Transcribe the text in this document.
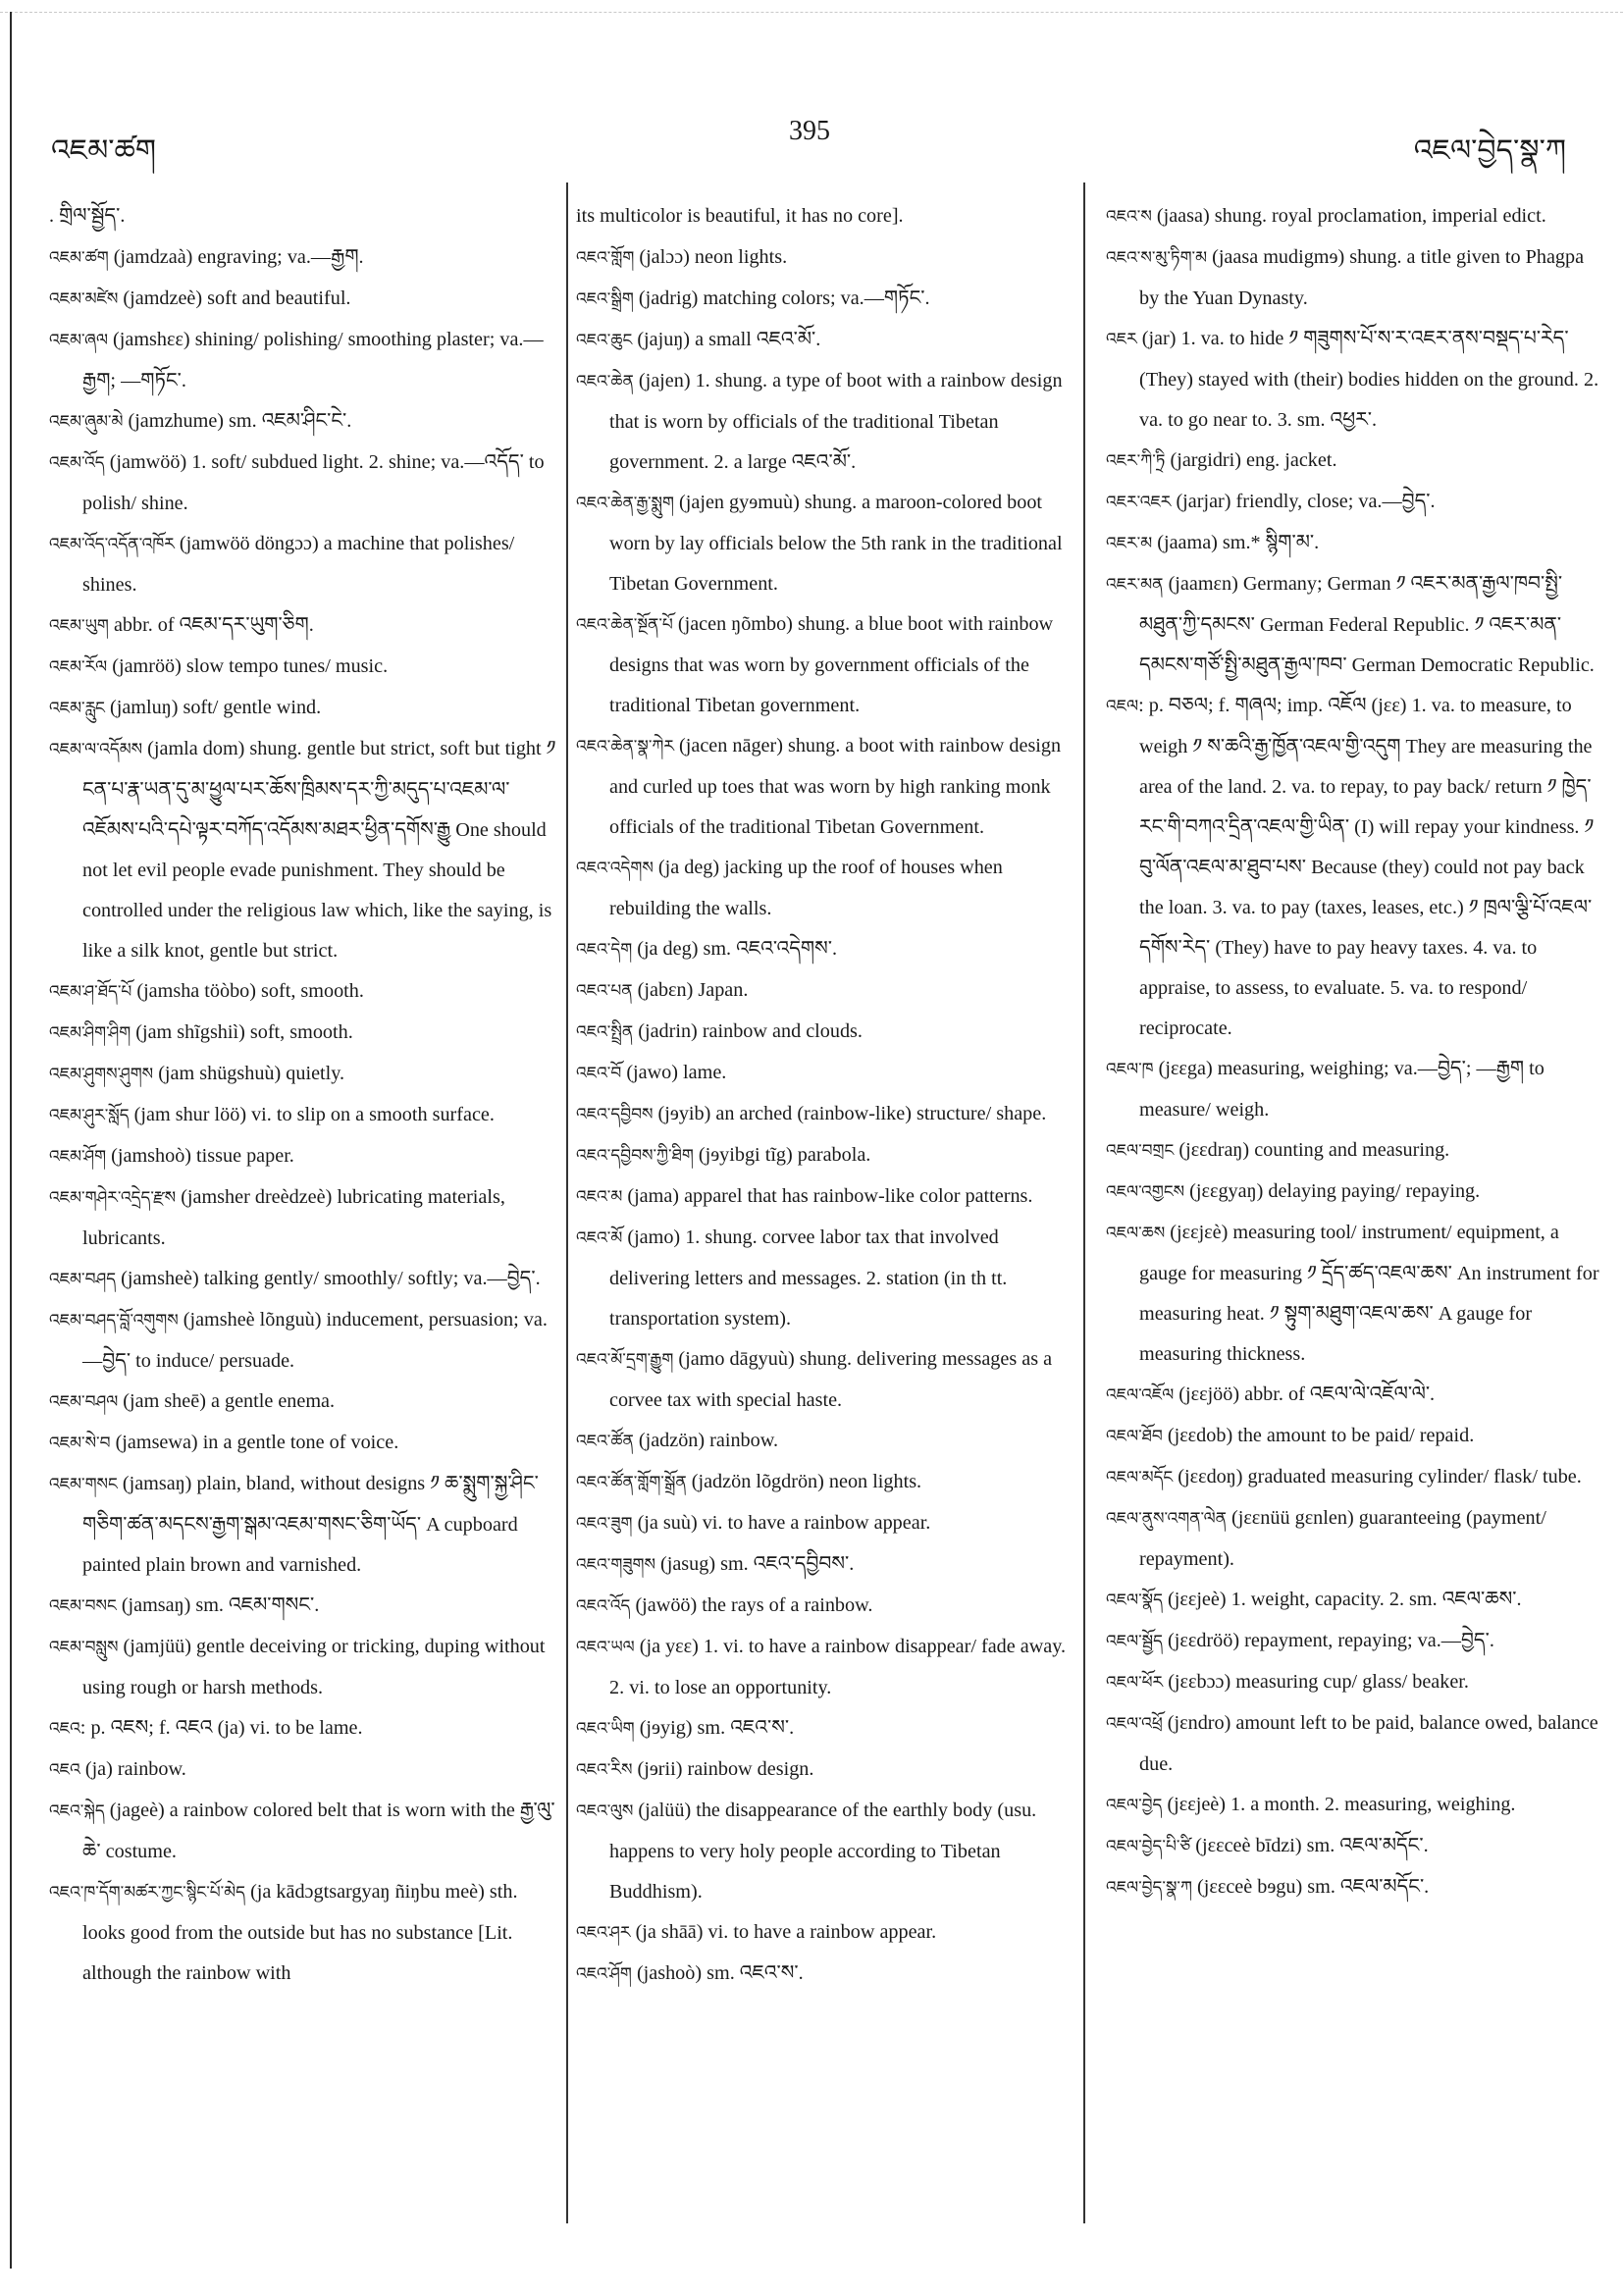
འཇམ་ཚག
395
འཇལ་བྱེད་སྣ་ཀ

. གྲིལ་སྦྱོད་.

འཇམ་ཚག (jamdzaà) engraving; va.—རྒྱག.

འཇམ་མཛེས (jamdzeè) soft and beautiful.

འཇམ་ཞལ (jamshɛɛ) shining/ polishing/ smoothing plaster; va.—རྒྱག; —གཏོང་.

འཇམ་ཞུམ་མེ (jamzhume) sm. འཇམ་ཤིང་ངེ་.

འཇམ་འོད (jamwöö) 1. soft/ subdued light. 2. shine; va.—འདོད་ to polish/ shine.

འཇམ་འོད་འདོན་འཁོར (jamwöö döngɔɔ) a machine that polishes/ shines.

འཇམ་ཡུག abbr. of འཇམ་དར་ཡུག་ཅིག.

འཇམ་རོལ (jamröö) slow tempo tunes/ music.

འཇམ་རླུང (jamluŋ) soft/ gentle wind.

འཇམ་ལ་འདོམས (jamla dom) shung. gentle but strict, soft but tight ༡ ངན་པ་རྣ་ཡན་དུ་མ་ཕྱུལ་པར་ཆོས་ཁྲིམས་དར་ཀྱི་མདུད་པ་འཇམ་ལ་འཇོམས་པའི་དཔེ་ལྟར་བཀོད་འདོམས་མཐར་ཕྱིན་དགོས་རྒྱུ One should not let evil people evade punishment. They should be controlled under the religious law which, like the saying, is like a silk knot, gentle but strict.

འཇམ་ཤ་ཐོད་པོ (jamsha töòbo) soft, smooth.

འཇམ་ཤིག་ཤིག (jam shĩgshiì) soft, smooth.

འཇམ་ཤུགས་ཤུགས (jam shügshuù) quietly.

འཇམ་ཤུར་སློད (jam shur löö) vi. to slip on a smooth surface.

འཇམ་ཤོག (jamshoò) tissue paper.

འཇམ་གཤེར་འདྲེད་རྫས (jamsher dreèdzeè) lubricating materials, lubricants.

འཇམ་བཤད (jamsheè) talking gently/ smoothly/ softly; va.—བྱེད་.

འཇམ་བཤད་བློ་འགུགས (jamsheè lõnguù) inducement, persuasion; va.—བྱེད་ to induce/ persuade.

འཇམ་བཤལ (jam sheē) a gentle enema.

འཇམ་སེ་བ (jamsewa) in a gentle tone of voice.

འཇམ་གསང (jamsaŋ) plain, bland, without designs ༡ ཆ་སྨུག་སྐྱ་ཤིང་གཅིག་ཚན་མདངས་རྒྱག་སྒམ་འཇམ་གསང་ཅིག་ཡོད་ A cupboard painted plain brown and varnished.

འཇམ་བསང (jamsaŋ) sm. འཇམ་གསང་.

འཇམ་བསླུས (jamjüü) gentle deceiving or tricking, duping without using rough or harsh methods.

འཇའ: p. འཇས; f. འཇའ (ja) vi. to be lame.

འཇའ (ja) rainbow.

འཇའ་སྐེད (jageè) a rainbow colored belt that is worn with the རྒྱ་ལུ་ཆེ་ costume.

འཇའ་ཁ་དོག་མཚར་ཀྱང་སྙིང་པོ་མེད (ja kādɔgtsargyaŋ ñiŋbu meè) sth. looks good from the outside but has no substance [Lit. although the rainbow with

its multicolor is beautiful, it has no core].

འཇའ་གློག (jalɔɔ) neon lights.

འཇའ་སྒྲིག (jadrig) matching colors; va.—གཏོང་.

འཇའ་ཆུང (jajuŋ) a small འཇའ་མོ་.

འཇའ་ཆེན (jajen) 1. shung. a type of boot with a rainbow design that is worn by officials of the traditional Tibetan government. 2. a large འཇའ་མོ་.

འཇའ་ཆེན་རྒྱ་སྨུག (jajen gyɘmuù) shung. a maroon-colored boot worn by lay officials below the 5th rank in the traditional Tibetan Government.

འཇའ་ཆེན་སྔོན་པོ (jacen ŋõmbo) shung. a blue boot with rainbow designs that was worn by government officials of the traditional Tibetan government.

འཇའ་ཆེན་སྣ་ཀེར (jacen nāger) shung. a boot with rainbow design and curled up toes that was worn by high ranking monk officials of the traditional Tibetan Government.

འཇའ་འདེགས (ja deg) jacking up the roof of houses when rebuilding the walls.

འཇའ་དེག (ja deg) sm. འཇའ་འདེགས་.

འཇའ་པན (jabɛn) Japan.

འཇའ་སྤྲིན (jadrin) rainbow and clouds.

འཇའ་བོ (jawo) lame.

འཇའ་དབྱིབས (jɘyib) an arched (rainbow-like) structure/ shape.

འཇའ་དབྱིབས་ཀྱི་ཐིག (jɘyibgi tĩg) parabola.

འཇའ་མ (jama) apparel that has rainbow-like color patterns.

འཇའ་མོ (jamo) 1. shung. corvee labor tax that involved delivering letters and messages. 2. station (in th tt. transportation system).

འཇའ་མོ་དྲག་རྒྱུག (jamo dāgyuù) shung. delivering messages as a corvee tax with special haste.

འཇའ་ཚོན (jadzön) rainbow.

འཇའ་ཚོན་གློག་སྒྲོན (jadzön lõgdrön) neon lights.

འཇའ་ཟུག (ja suù) vi. to have a rainbow appear.

འཇའ་གཟུགས (jasug) sm. འཇའ་དབྱིབས་.

འཇའ་འོད (jawöö) the rays of a rainbow.

འཇའ་ཡལ (ja yɛɛ) 1. vi. to have a rainbow disappear/ fade away. 2. vi. to lose an opportunity.

འཇའ་ཡིག (jɘyig) sm. འཇའ་ས་.

འཇའ་རིས (jɘrii) rainbow design.

འཇའ་ལུས (jalüü) the disappearance of the earthly body (usu. happens to very holy people according to Tibetan Buddhism).

འཇའ་ཤར (ja shāā) vi. to have a rainbow appear.

འཇའ་ཤོག (jashoò) sm. འཇའ་ས་.

འཇའ་ས (jaasa) shung. royal proclamation, imperial edict.

འཇའ་ས་མུ་ཏིག་མ (jaasa mudigmɘ) shung. a title given to Phagpa by the Yuan Dynasty.

འཇར (jar) 1. va. to hide ༡ གཟུགས་པོ་ས་ར་འཇར་ནས་བསྡད་པ་རེད་ (They) stayed with (their) bodies hidden on the ground. 2. va. to go near to. 3. sm. འཕྱར་.

འཇར་ཀི་ཏྲི (jargidri) eng. jacket.

འཇར་འཇར (jarjar) friendly, close; va.—བྱེད་.

འཇར་མ (jaama) sm.* སྙིག་མ་.

འཇར་མན (jaamɛn) Germany; German ༡ འཇར་མན་རྒྱལ་ཁབ་སྤྱི་མཐུན་ཀྱི་དམངས་ German Federal Republic. ༡ འཇར་མན་དམངས་གཙོ་སྤྱི་མཐུན་རྒྱལ་ཁབ་ German Democratic Republic.

འཇལ: p. བཅལ; f. གཞལ; imp. འཇོལ (jɛɛ) 1. va. to measure, to weigh ༡ ས་ཆའི་རྒྱ་ཁྱོན་འཇལ་གྱི་འདུག They are measuring the area of the land. 2. va. to repay, to pay back/ return ༡ ཁྱེད་རང་གི་བཀའ་དྲིན་འཇལ་གྱི་ཡིན་ (I) will repay your kindness. ༡ བུ་ལོན་འཇལ་མ་ཐུབ་པས་ Because (they) could not pay back the loan. 3. va. to pay (taxes, leases, etc.) ༡ ཁྲལ་ལྕི་པོ་འཇལ་དགོས་རེད་ (They) have to pay heavy taxes. 4. va. to appraise, to assess, to evaluate. 5. va. to respond/ reciprocate.

འཇལ་ཁ (jɛɛga) measuring, weighing; va.—བྱེད་; —རྒྱག to measure/ weigh.

འཇལ་བགྲང (jɛɛdraŋ) counting and measuring.

འཇལ་འགྱངས (jɛɛgyaŋ) delaying paying/ repaying.

འཇལ་ཆས (jɛɛjɛè) measuring tool/ instrument/ equipment, a gauge for measuring ༡ དྲོད་ཚད་འཇལ་ཆས་ An instrument for measuring heat. ༡ སྟུག་མཐུག་འཇལ་ཆས་ A gauge for measuring thickness.

འཇལ་འཇོལ (jɛɛjöö) abbr. of འཇལ་ལེ་འཇོལ་ལེ་.

འཇལ་ཐོབ (jɛɛdob) the amount to be paid/ repaid.

འཇལ་མདོང (jɛɛdoŋ) graduated measuring cylinder/ flask/ tube.

འཇལ་ནུས་འགན་ལེན (jɛɛnüü gɛnlen) guaranteeing (payment/ repayment).

འཇལ་སྣོད (jɛɛjeè) 1. weight, capacity. 2. sm. འཇལ་ཆས་.

འཇལ་སྦྱོད (jɛɛdröö) repayment, repaying; va.—བྱེད་.

འཇལ་ཕོར (jɛɛbɔɔ) measuring cup/ glass/ beaker.

འཇལ་འཕྲོ (jɛndro) amount left to be paid, balance owed, balance due.

འཇལ་བྱེད (jɛɛjeè) 1. a month. 2. measuring, weighing.

འཇལ་བྱེད་པི་ཙི (jɛɛceè bīdzi) sm. འཇལ་མདོང་.

འཇལ་བྱེད་སྣ་ཀ (jɛɛceè bɘgu) sm. འཇལ་མདོང་.
